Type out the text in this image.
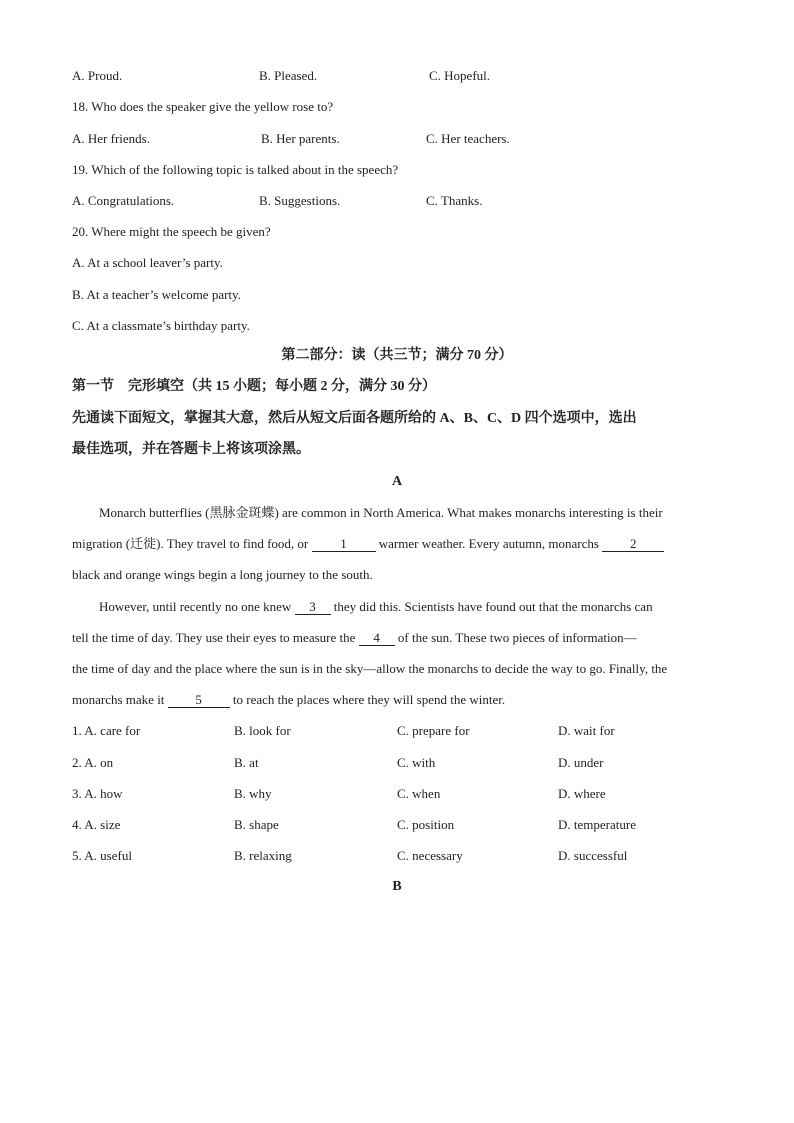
A. Proud.	B. Pleased.	C. Hopeful.
18. Who does the speaker give the yellow rose to?
A. Her friends.	B. Her parents.	C. Her teachers.
19. Which of the following topic is talked about in the speech?
A. Congratulations.	B. Suggestions.	C. Thanks.
20. Where might the speech be given?
A. At a school leaver’s party.
B. At a teacher’s welcome party.
C. At a classmate’s birthday party.
第二部分：读（共三节；满分 70 分）
第一节　完形填空（共 15 小题；每小题 2 分，满分 30 分）
先通读下面短文，掌握其大意，然后从短文后面各题所给的 A、B、C、D 四个选项中，选出
最佳选项，并在答题卡上将该项涂黑。
A
Monarch butterflies (黑脉金斑蝶) are common in North America. What makes monarchs interesting is their
migration (迁徙). They travel to find food, or 1 warmer weather. Every autumn, monarchs 2
black and orange wings begin a long journey to the south.
However, until recently no one knew 3 they did this. Scientists have found out that the monarchs can
tell the time of day. They use their eyes to measure the 4 of the sun. These two pieces of information—
the time of day and the place where the sun is in the sky—allow the monarchs to decide the way to go. Finally, the
monarchs make it 5 to reach the places where they will spend the winter.
1. A. care for	B. look for	C. prepare for	D. wait for
2. A. on	B. at	C. with	D. under
3. A. how	B. why	C. when	D. where
4. A. size	B. shape	C. position	D. temperature
5. A. useful	B. relaxing	C. necessary	D. successful
B
